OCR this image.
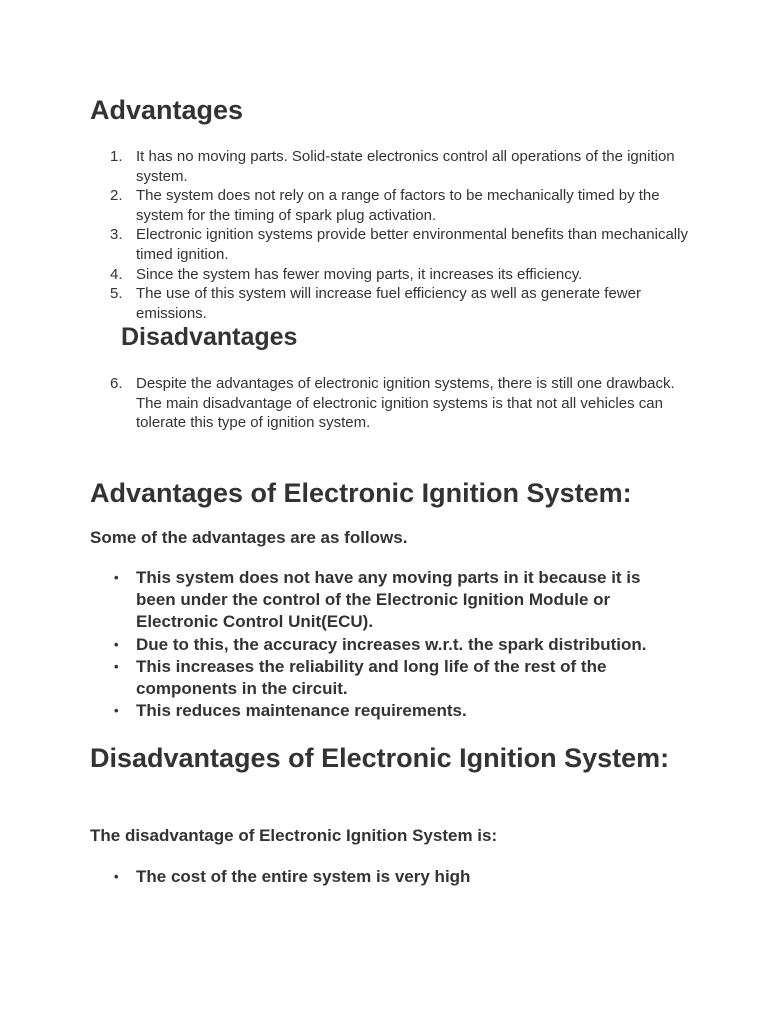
Advantages
1. It has no moving parts. Solid-state electronics control all operations of the ignition system.
2. The system does not rely on a range of factors to be mechanically timed by the system for the timing of spark plug activation.
3. Electronic ignition systems provide better environmental benefits than mechanically timed ignition.
4. Since the system has fewer moving parts, it increases its efficiency.
5. The use of this system will increase fuel efficiency as well as generate fewer emissions.
Disadvantages
6. Despite the advantages of electronic ignition systems, there is still one drawback. The main disadvantage of electronic ignition systems is that not all vehicles can tolerate this type of ignition system.
Advantages of Electronic Ignition System:

Some of the advantages are as follows.

• This system does not have any moving parts in it because it is been under the control of the Electronic Ignition Module or Electronic Control Unit(ECU).
• Due to this, the accuracy increases w.r.t. the spark distribution.
• This increases the reliability and long life of the rest of the components in the circuit.
• This reduces maintenance requirements.
Disadvantages of Electronic Ignition System:

The disadvantage of Electronic Ignition System is:

• The cost of the entire system is very high
